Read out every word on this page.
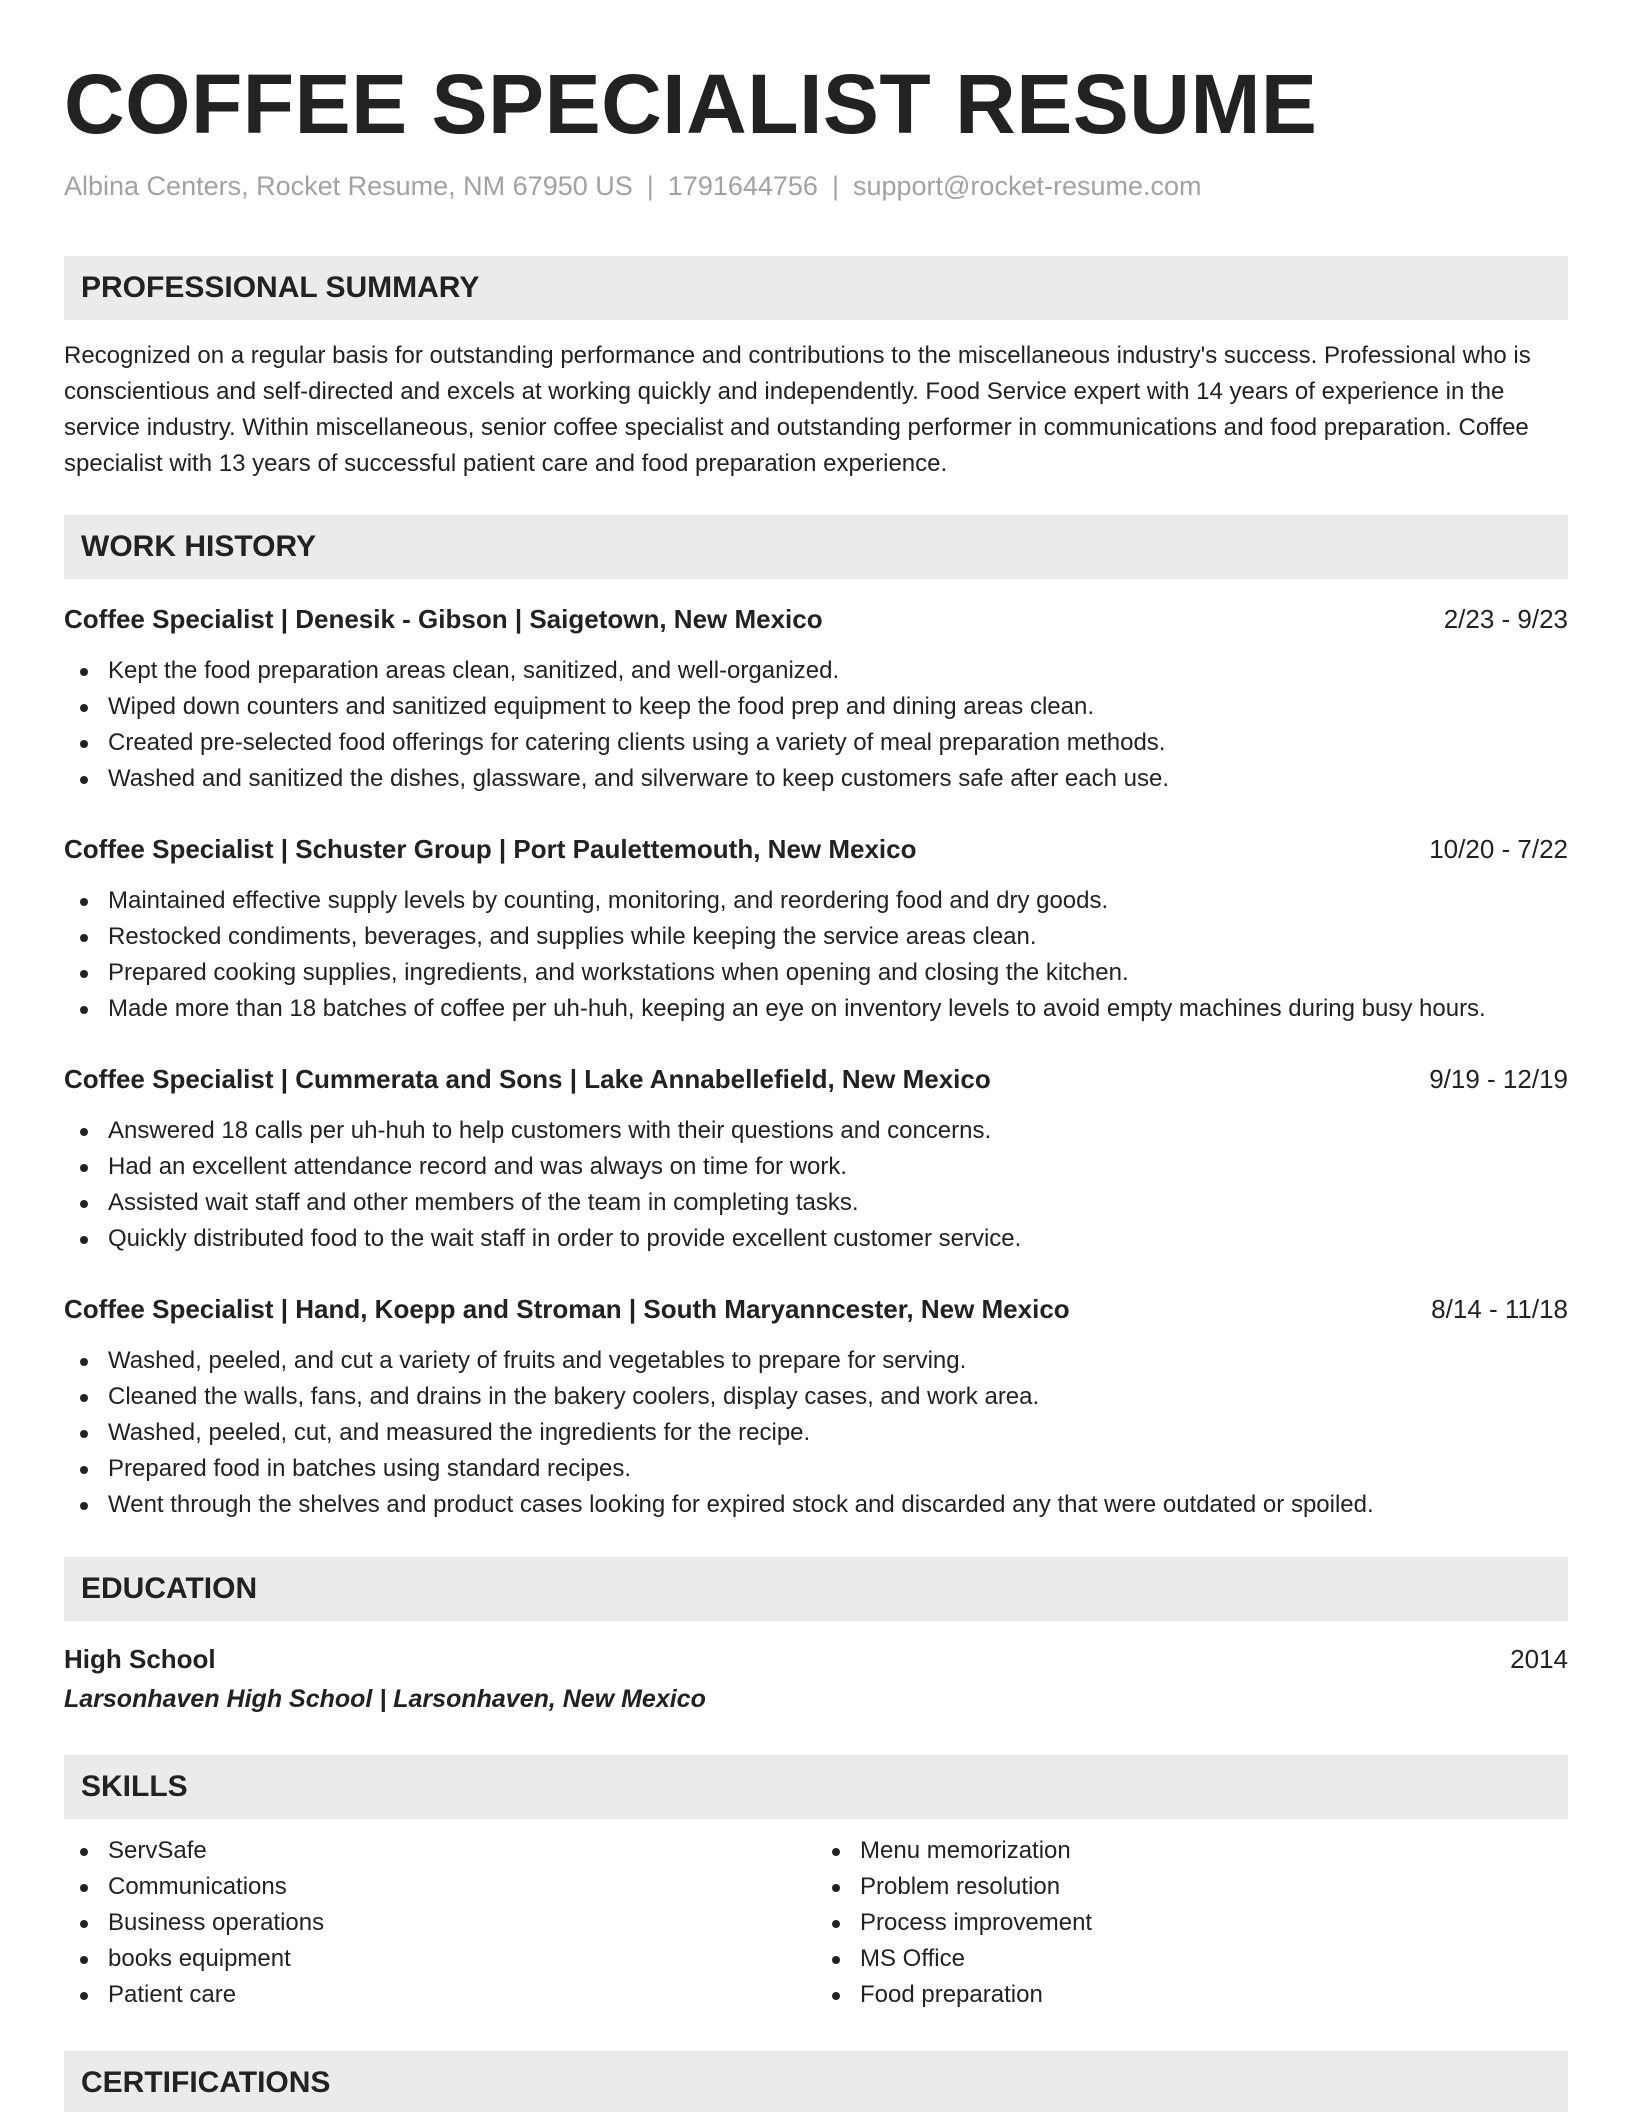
COFFEE SPECIALIST RESUME
Albina Centers, Rocket Resume, NM 67950 US | 1791644756 | support@rocket-resume.com
PROFESSIONAL SUMMARY

Recognized on a regular basis for outstanding performance and contributions to the miscellaneous industry's success. Professional who is conscientious and self-directed and excels at working quickly and independently. Food Service expert with 14 years of experience in the service industry. Within miscellaneous, senior coffee specialist and outstanding performer in communications and food preparation. Coffee specialist with 13 years of successful patient care and food preparation experience.

WORK HISTORY
Coffee Specialist | Denesik - Gibson | Saigetown, New Mexico	2/23 - 9/23
Kept the food preparation areas clean, sanitized, and well-organized.
Wiped down counters and sanitized equipment to keep the food prep and dining areas clean.
Created pre-selected food offerings for catering clients using a variety of meal preparation methods.
Washed and sanitized the dishes, glassware, and silverware to keep customers safe after each use.
Coffee Specialist | Schuster Group | Port Paulettemouth, New Mexico	10/20 - 7/22
Maintained effective supply levels by counting, monitoring, and reordering food and dry goods.
Restocked condiments, beverages, and supplies while keeping the service areas clean.
Prepared cooking supplies, ingredients, and workstations when opening and closing the kitchen.
Made more than 18 batches of coffee per uh-huh, keeping an eye on inventory levels to avoid empty machines during busy hours.
Coffee Specialist | Cummerata and Sons | Lake Annabellefield, New Mexico	9/19 - 12/19
Answered 18 calls per uh-huh to help customers with their questions and concerns.
Had an excellent attendance record and was always on time for work.
Assisted wait staff and other members of the team in completing tasks.
Quickly distributed food to the wait staff in order to provide excellent customer service.
Coffee Specialist | Hand, Koepp and Stroman | South Maryanncester, New Mexico	8/14 - 11/18
Washed, peeled, and cut a variety of fruits and vegetables to prepare for serving.
Cleaned the walls, fans, and drains in the bakery coolers, display cases, and work area.
Washed, peeled, cut, and measured the ingredients for the recipe.
Prepared food in batches using standard recipes.
Went through the shelves and product cases looking for expired stock and discarded any that were outdated or spoiled.
EDUCATION
High School	2014
Larsonhaven High School | Larsonhaven, New Mexico
SKILLS
ServSafe
Communications
Business operations
books equipment
Patient care
Menu memorization
Problem resolution
Process improvement
MS Office
Food preparation
CERTIFICATIONS
